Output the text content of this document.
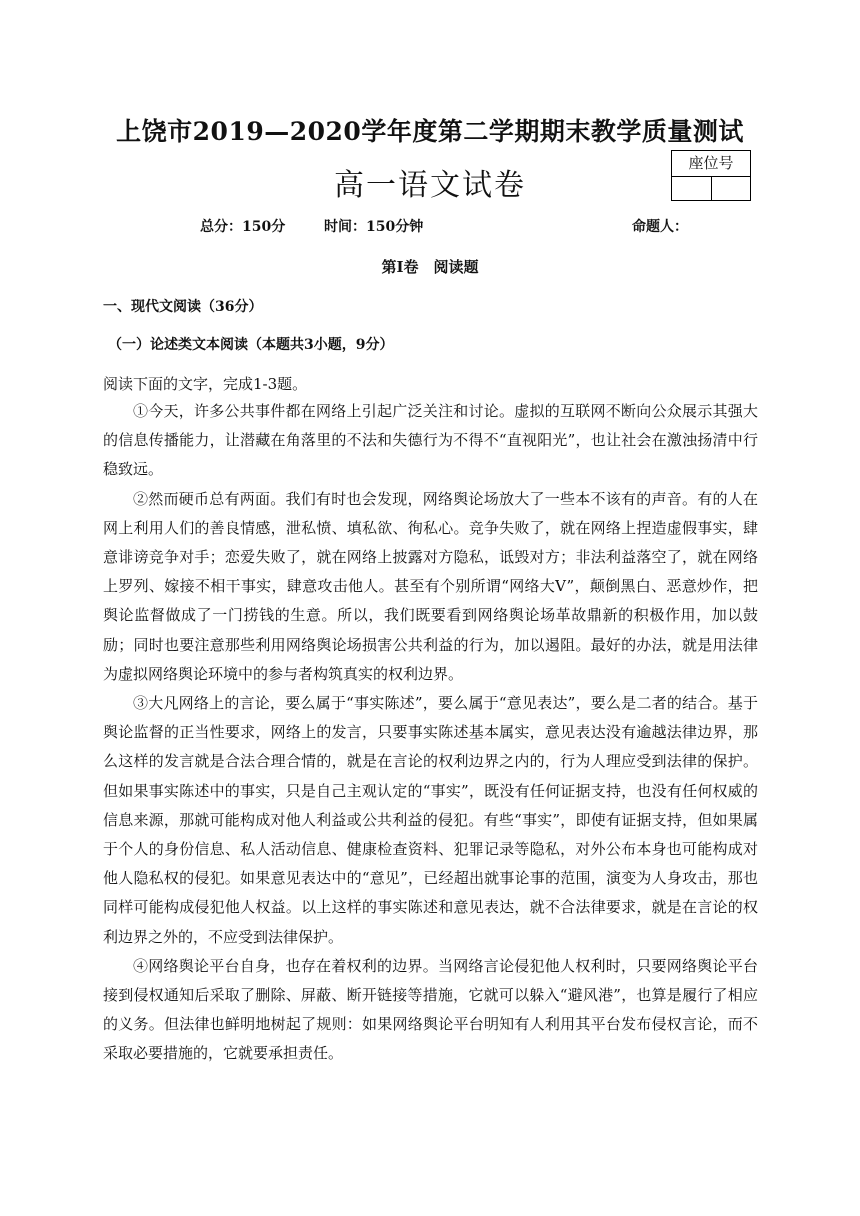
上饶市2019—2020学年度第二学期期末教学质量测试
高一语文试卷
座位号
总分：150分	时间：150分钟	命题人：
第Ⅰ卷　阅读题
一、现代文阅读（36分）
（一）论述类文本阅读（本题共3小题，9分）
阅读下面的文字，完成1-3题。

①今天，许多公共事件都在网络上引起广泛关注和讨论。虚拟的互联网不断向公众展示其强大的信息传播能力，让潜藏在角落里的不法和失德行为不得不“直视阳光”，也让社会在激浊扬清中行稳致远。

②然而硬币总有两面。我们有时也会发现，网络舆论场放大了一些本不该有的声音。有的人在网上利用人们的善良情感，泄私愤、填私欲、徇私心。竞争失败了，就在网络上捏造虚假事实，肆意诽谤竞争对手；恋爱失败了，就在网络上披露对方隐私，诋毁对方；非法利益落空了，就在网络上罗列、嫁接不相干事实，肆意攻击他人。甚至有个别所谓“网络大V”，颠倒黑白、恶意炒作，把舆论监督做成了一门捞钱的生意。所以，我们既要看到网络舆论场革故鼎新的积极作用，加以鼓励；同时也要注意那些利用网络舆论场损害公共利益的行为，加以遏阻。最好的办法，就是用法律为虚拟网络舆论环境中的参与者构筑真实的权利边界。

③大凡网络上的言论，要么属于“事实陈述”，要么属于“意见表达”，要么是二者的结合。基于舆论监督的正当性要求，网络上的发言，只要事实陈述基本属实，意见表达没有逾越法律边界，那么这样的发言就是合法合理合情的，就是在言论的权利边界之内的，行为人理应受到法律的保护。但如果事实陈述中的事实，只是自己主观认定的“事实”，既没有任何证据支持，也没有任何权威的信息来源，那就可能构成对他人利益或公共利益的侵犯。有些“事实”，即使有证据支持，但如果属于个人的身份信息、私人活动信息、健康检查资料、犯罪记录等隐私，对外公布本身也可能构成对他人隐私权的侵犯。如果意见表达中的“意见”，已经超出就事论事的范围，演变为人身攻击，那也同样可能构成侵犯他人权益。以上这样的事实陈述和意见表达，就不合法律要求，就是在言论的权利边界之外的，不应受到法律保护。

④网络舆论平台自身，也存在着权利的边界。当网络言论侵犯他人权利时，只要网络舆论平台接到侵权通知后采取了删除、屏蔽、断开链接等措施，它就可以躲入“避风港”，也算是履行了相应的义务。但法律也鲜明地树起了规则：如果网络舆论平台明知有人利用其平台发布侵权言论，而不采取必要措施的，它就要承担责任。
